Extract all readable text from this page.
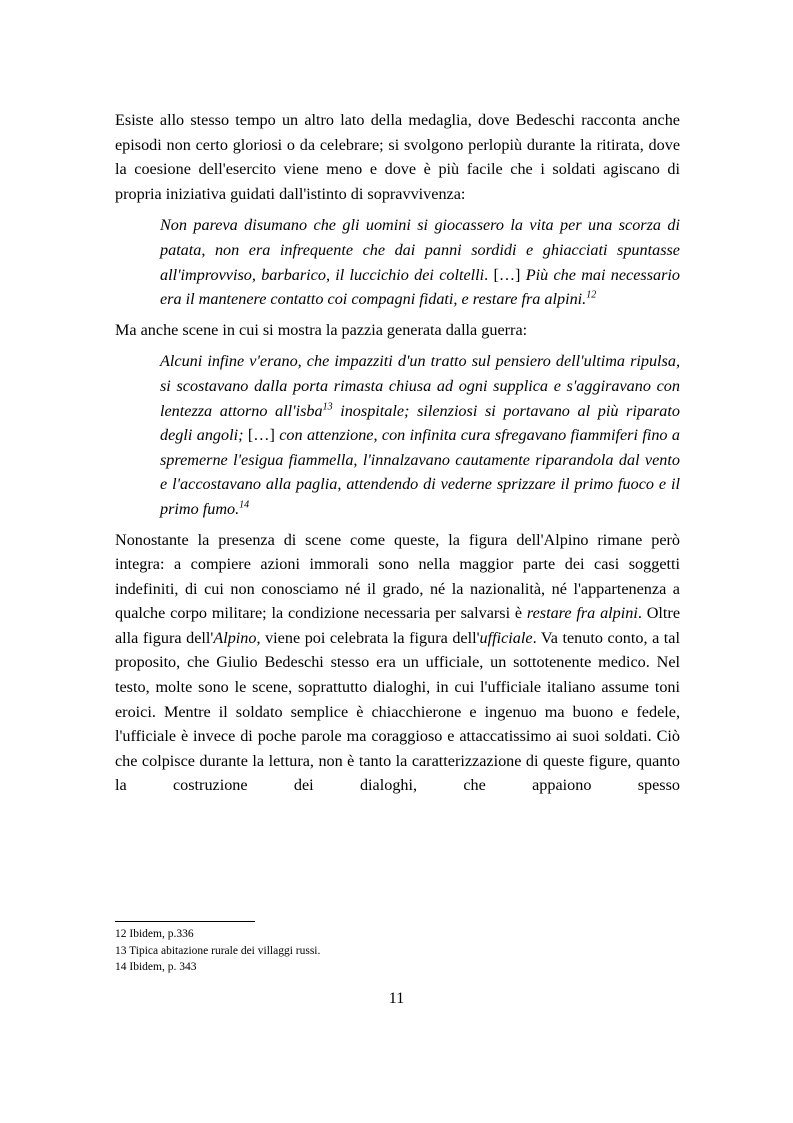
Esiste allo stesso tempo un altro lato della medaglia, dove Bedeschi racconta anche episodi non certo gloriosi o da celebrare; si svolgono perlopiù durante la ritirata, dove la coesione dell'esercito viene meno e dove è più facile che i soldati agiscano di propria iniziativa guidati dall'istinto di sopravvivenza:

Non pareva disumano che gli uomini si giocassero la vita per una scorza di patata, non era infrequente che dai panni sordidi e ghiacciati spuntasse all'improvviso, barbarico, il luccichio dei coltelli. […] Più che mai necessario era il mantenere contatto coi compagni fidati, e restare fra alpini.$^{12}$

Ma anche scene in cui si mostra la pazzia generata dalla guerra:

Alcuni infine v'erano, che impazziti d'un tratto sul pensiero dell'ultima ripulsa, si scostavano dalla porta rimasta chiusa ad ogni supplica e s'aggiravano con lentezza attorno all'isba$^{13}$ inospitale; silenziosi si portavano al più riparato degli angoli; […] con attenzione, con infinita cura sfregavano fiammiferi fino a spremerne l'esigua fiammella, l'innalzavano cautamente riparandola dal vento e l'accostavano alla paglia, attendendo di vederne sprizzare il primo fuoco e il primo fumo.$^{14}$

Nonostante la presenza di scene come queste, la figura dell'Alpino rimane però integra: a compiere azioni immorali sono nella maggior parte dei casi soggetti indefiniti, di cui non conosciamo né il grado, né la nazionalità, né l'appartenenza a qualche corpo militare; la condizione necessaria per salvarsi è restare fra alpini. Oltre alla figura dell'Alpino, viene poi celebrata la figura dell'ufficiale. Va tenuto conto, a tal proposito, che Giulio Bedeschi stesso era un ufficiale, un sottotenente medico. Nel testo, molte sono le scene, soprattutto dialoghi, in cui l'ufficiale italiano assume toni eroici. Mentre il soldato semplice è chiacchierone e ingenuo ma buono e fedele, l'ufficiale è invece di poche parole ma coraggioso e attaccatissimo ai suoi soldati. Ciò che colpisce durante la lettura, non è tanto la caratterizzazione di queste figure, quanto la costruzione dei dialoghi, che appaiono spesso

12 Ibidem, p.336

13 Tipica abitazione rurale dei villaggi russi.

14 Ibidem, p. 343

11
